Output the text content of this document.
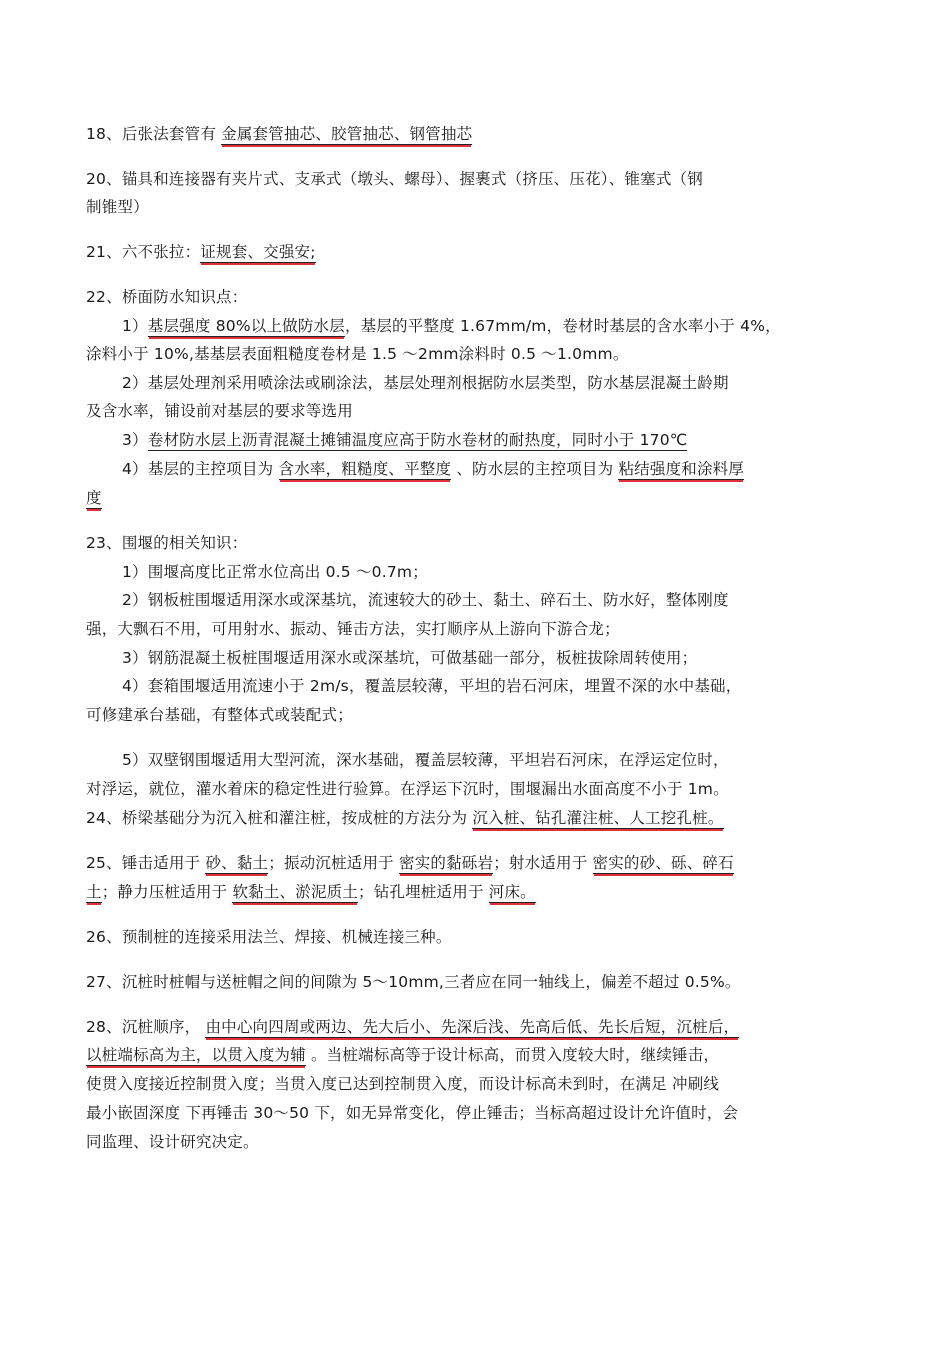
18、后张法套管有 金属套管抽芯、胶管抽芯、钢管抽芯
20、锚具和连接器有夹片式、支承式（墩头、螺母）、握裹式（挤压、压花）、锥塞式（钢
制锥型）
21、六不张拉：证规套、交强安;
22、桥面防水知识点：
1）基层强度 80%以上做防水层，基层的平整度 1.67mm/m，卷材时基层的含水率小于 4%，
涂料小于 10%,基基层表面粗糙度卷材是 1.5 ～2mm涂料时 0.5 ～1.0mm。
2）基层处理剂采用喷涂法或刷涂法，基层处理剂根据防水层类型，防水基层混凝土龄期
及含水率，铺设前对基层的要求等选用
3）卷材防水层上沥青混凝土摊铺温度应高于防水卷材的耐热度，同时小于 170℃
4）基层的主控项目为 含水率，粗糙度、平整度 、防水层的主控项目为 粘结强度和涂料厚
度
23、围堰的相关知识：
1）围堰高度比正常水位高出 0.5 ～0.7m；
2）钢板桩围堰适用深水或深基坑，流速较大的砂土、黏土、碎石土、防水好，整体刚度
强，大飘石不用，可用射水、振动、锤击方法，实打顺序从上游向下游合龙；
3）钢筋混凝土板桩围堰适用深水或深基坑，可做基础一部分，板桩拔除周转使用；
4）套箱围堰适用流速小于 2m/s，覆盖层较薄，平坦的岩石河床，埋置不深的水中基础，
可修建承台基础，有整体式或装配式；
5）双壁钢围堰适用大型河流，深水基础，覆盖层较薄，平坦岩石河床，在浮运定位时，
对浮运，就位，灌水着床的稳定性进行验算。在浮运下沉时，围堰漏出水面高度不小于 1m。
24、桥梁基础分为沉入桩和灌注桩，按成桩的方法分为 沉入桩、钻孔灌注桩、人工挖孔桩。
25、锤击适用于 砂、黏土；振动沉桩适用于 密实的黏砾岩；射水适用于 密实的砂、砾、碎石
土；静力压桩适用于 软黏土、淤泥质土；钻孔埋桩适用于 河床。
26、预制桩的连接采用法兰、焊接、机械连接三种。
27、沉桩时桩帽与送桩帽之间的间隙为 5～10mm,三者应在同一轴线上，偏差不超过 0.5%。
28、沉桩顺序， 由中心向四周或两边、先大后小、先深后浅、先高后低、先长后短，沉桩后，
以桩端标高为主，以贯入度为辅 。当桩端标高等于设计标高，而贯入度较大时，继续锤击，
使贯入度接近控制贯入度；当贯入度已达到控制贯入度，而设计标高未到时，在满足 冲刷线
最小嵌固深度 下再锤击 30～50 下，如无异常变化，停止锤击；当标高超过设计允许值时，会
同监理、设计研究决定。
